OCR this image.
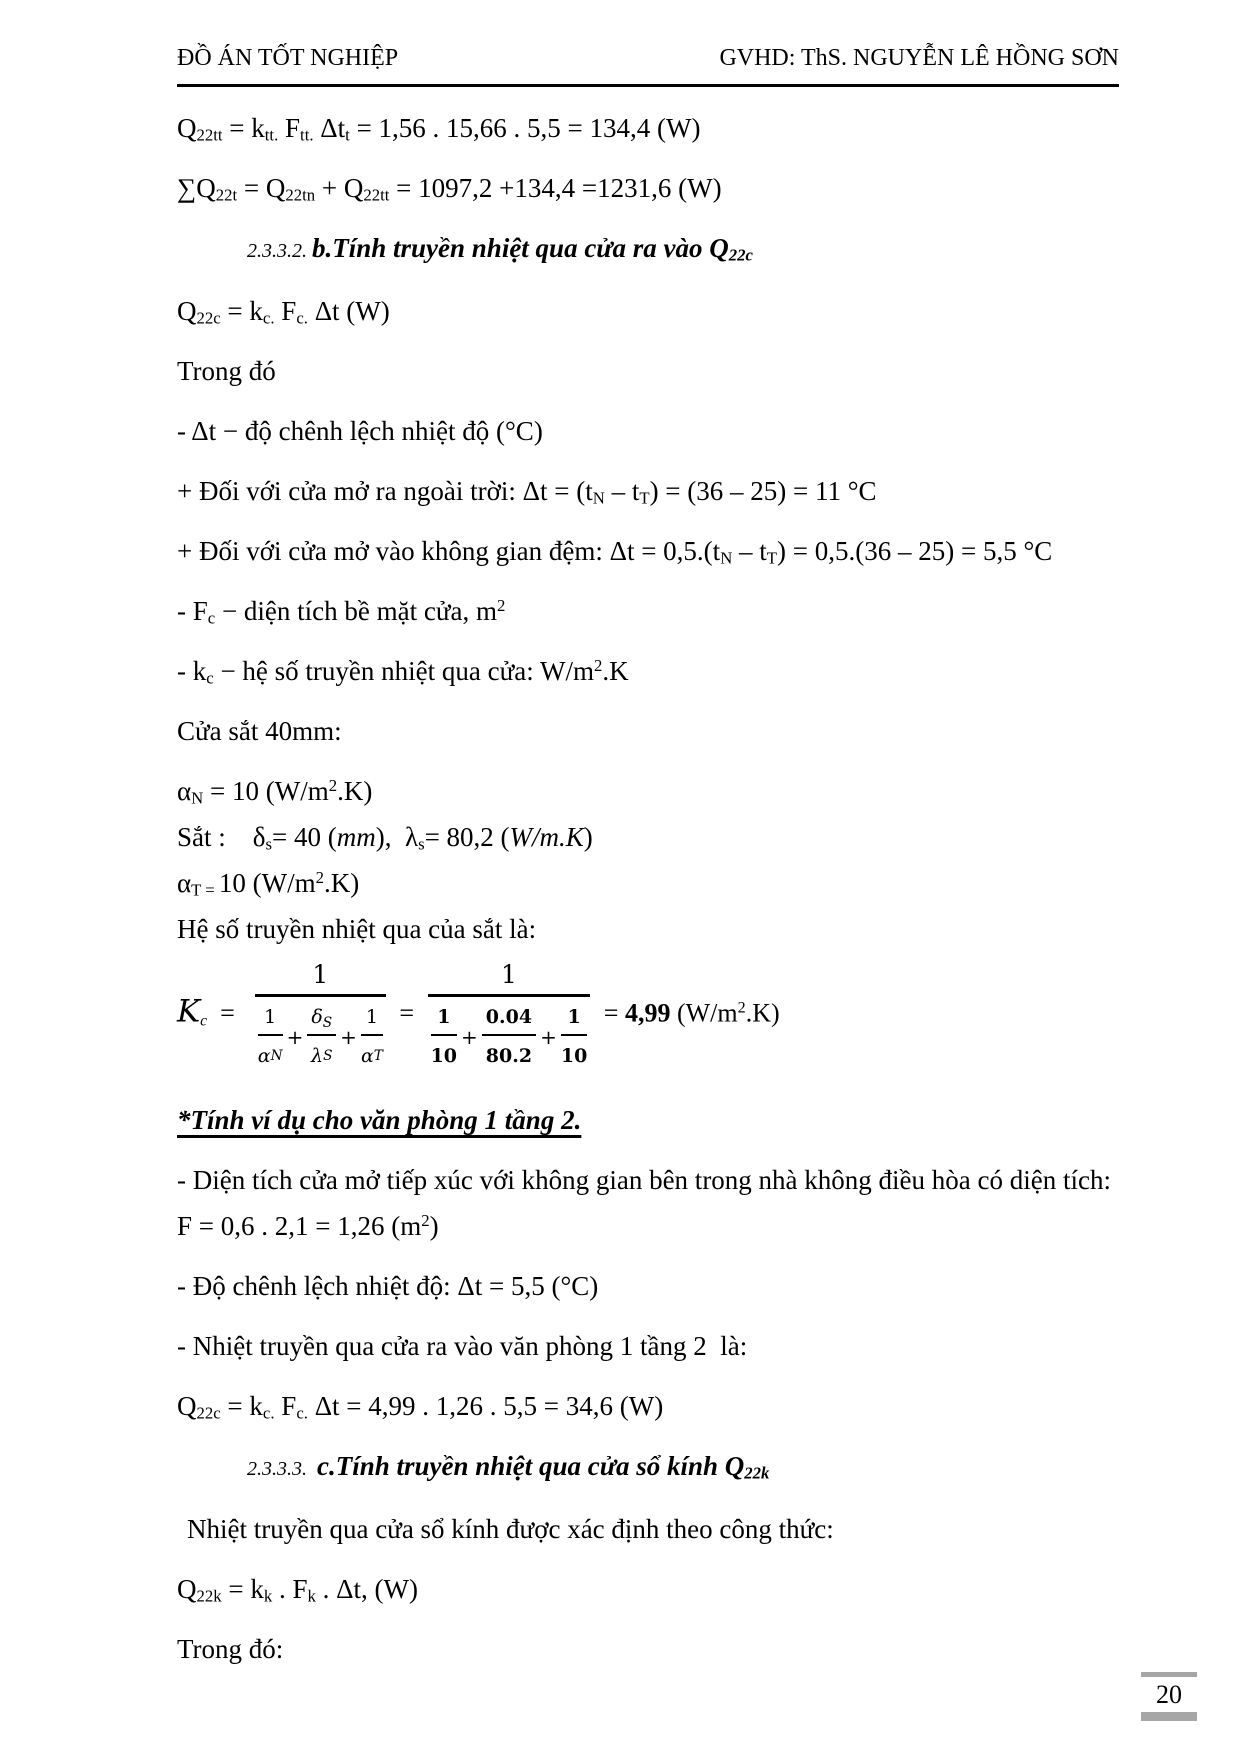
ĐỒ ÁN TỐT NGHIỆP	GVHD: ThS. NGUYỄN LÊ HỒNG SƠN
Q22tt = ktt. Ftt. Δtt = 1,56 . 15,66 . 5,5 = 134,4 (W)
∑Q22t = Q22tn + Q22tt = 1097,2 +134,4 =1231,6 (W)
2.3.3.2. b.Tính truyền nhiệt qua cửa ra vào Q22c
Q22c = kc. Fc. Δt (W)
Trong đó
- Δt − độ chênh lệch nhiệt độ (°C)
+ Đối với cửa mở ra ngoài trời: Δt = (tN – tT) = (36 – 25) = 11 °C
+ Đối với cửa mở vào không gian đệm: Δt = 0,5.(tN – tT) = 0,5.(36 – 25) = 5,5 °C
- Fc − diện tích bề mặt cửa, $m^2$
- kc − hệ số truyền nhiệt qua cửa: $W/m^2.K$
Cửa sắt 40mm:
αN = 10 $(W/m^2.K)$
Sắt :    δs= 40 (mm),  λs= 80,2 (W/m.K)
αT = 10 $(W/m^2.K)$
Hệ số truyền nhiệt qua của sắt là:
$Kc = \frac{1}{\frac{1}{\text{α N}} + \frac{\delta_S}{\text{λ S}} + \frac{1}{\text{α T}}} = \frac{1}{\frac{1}{10} + \frac{0.04}{80.2} + \frac{1}{10}} = 4,99$ $(W/m^2.K)$
*Tính ví dụ cho văn phòng 1 tầng 2.
- Diện tích cửa mở tiếp xúc với không gian bên trong nhà không điều hòa có diện tích:
F = 0,6 . 2,1 = 1,26 $(m^2)$
- Độ chênh lệch nhiệt độ: Δt = 5,5 (°C)
- Nhiệt truyền qua cửa ra vào văn phòng 1 tầng 2  là:
Q22c = kc. Fc. Δt = 4,99 . 1,26 . 5,5 = 34,6 (W)
2.3.3.3.  c.Tính truyền nhiệt qua cửa sổ kính Q22k
Nhiệt truyền qua cửa sổ kính được xác định theo công thức:
Q22k = kk . Fk . Δt, (W)
Trong đó:
20
